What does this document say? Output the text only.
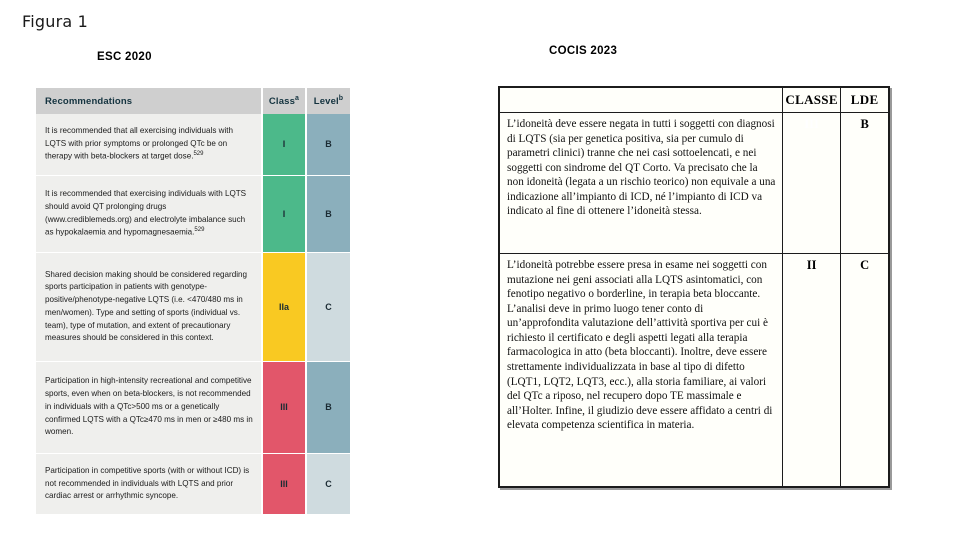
Figura 1
ESC 2020
Recommendations	Class$^a$	Level$^b$
It is recommended that all exercising individuals with LQTS with prior symptoms or prolonged QTc be on therapy with beta-blockers at target dose.$^{529}$	I	B
It is recommended that exercising individuals with LQTS should avoid QT prolonging drugs (www.crediblemeds.org) and electrolyte imbalance such as hypokalaemia and hypomagnesaemia.$^{529}$	I	B
Shared decision making should be considered regarding sports participation in patients with genotype-positive/phenotype-negative LQTS (i.e. <470/480 ms in men/women). Type and setting of sports (individual vs. team), type of mutation, and extent of precautionary measures should be considered in this context.	IIa	C
Participation in high-intensity recreational and competitive sports, even when on beta-blockers, is not recommended in individuals with a QTc>500 ms or a genetically confirmed LQTS with a QTc≥470 ms in men or ≥480 ms in women.	III	B
Participation in competitive sports (with or without ICD) is not recommended in individuals with LQTS and prior cardiac arrest or arrhythmic syncope.	III	C
COCIS 2023
	CLASSE	LDE
L’idoneità deve essere negata in tutti i soggetti con diagnosi di LQTS (sia per genetica positiva, sia per cumulo di parametri clinici) tranne che nei casi sottoelencati, e nei soggetti con sindrome del QT Corto. Va precisato che la non idoneità (legata a un rischio teorico) non equivale a una indicazione all’impianto di ICD, né l’impianto di ICD va indicato al fine di ottenere l’idoneità stessa.	III	B
L’idoneità potrebbe essere presa in esame nei soggetti con mutazione nei geni associati alla LQTS asintomatici, con fenotipo negativo o borderline, in terapia beta bloccante. L’analisi deve in primo luogo tener conto di un’approfondita valutazione dell’attività sportiva per cui è richiesto il certificato e degli aspetti legati alla terapia farmacologica in atto (beta bloccanti). Inoltre, deve essere strettamente individualizzata in base al tipo di difetto (LQT1, LQT2, LQT3, ecc.), alla storia familiare, ai valori del QTc a riposo, nel recupero dopo TE massimale e all’Holter. Infine, il giudizio deve essere affidato a centri di elevata competenza scientifica in materia.	II	C
